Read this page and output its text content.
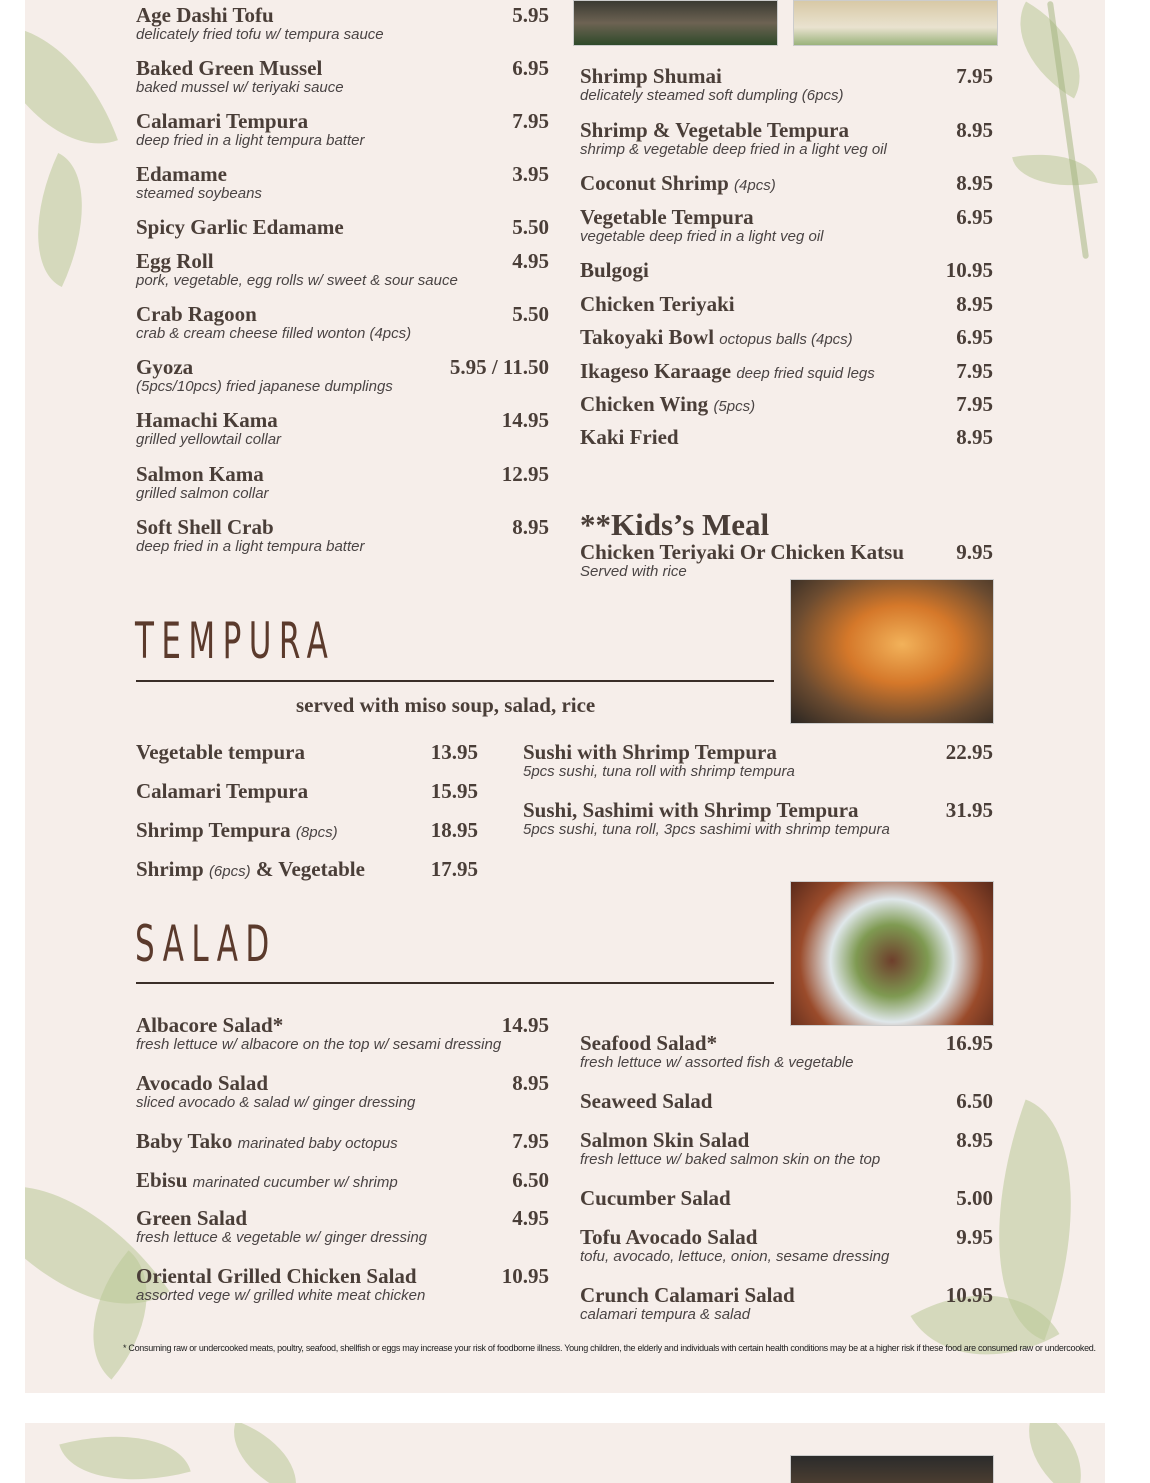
Age Dashi Tofu	5.95
delicately fried tofu w/ tempura sauce
Baked Green Mussel	6.95
baked mussel w/ teriyaki sauce
Calamari Tempura	7.95
deep fried in a light tempura batter
Edamame	3.95
steamed soybeans
Spicy Garlic Edamame	5.50
Egg Roll	4.95
pork, vegetable, egg rolls w/ sweet & sour sauce
Crab Ragoon	5.50
crab & cream cheese filled wonton (4pcs)
Gyoza	5.95 / 11.50
(5pcs/10pcs) fried japanese dumplings
Hamachi Kama	14.95
grilled yellowtail collar
Salmon Kama	12.95
grilled salmon collar
Soft Shell Crab	8.95
deep fried in a light tempura batter
Shrimp Shumai	7.95
delicately steamed soft dumpling (6pcs)
Shrimp & Vegetable Tempura	8.95
shrimp & vegetable deep fried in a light veg oil
Coconut Shrimp (4pcs)	8.95
Vegetable Tempura	6.95
vegetable deep fried in a light veg oil
Bulgogi	10.95
Chicken Teriyaki	8.95
Takoyaki Bowl octopus balls (4pcs)	6.95
Ikageso Karaage deep fried squid legs	7.95
Chicken Wing (5pcs)	7.95
Kaki Fried	8.95
**Kids’s Meal
Chicken Teriyaki Or Chicken Katsu 9.95
Served with rice
TEMPURA
served with miso soup, salad, rice
Vegetable tempura	13.95
Calamari Tempura	15.95
Shrimp Tempura (8pcs)	18.95
Shrimp (6pcs) & Vegetable	17.95
Sushi with Shrimp Tempura	22.95
5pcs sushi, tuna roll with shrimp tempura
Sushi, Sashimi with Shrimp Tempura	31.95
5pcs sushi, tuna roll, 3pcs sashimi with shrimp tempura
SALAD
Albacore Salad*	14.95
fresh lettuce w/ albacore on the top w/ sesami dressing
Avocado Salad	8.95
sliced avocado & salad w/ ginger dressing
Baby Tako marinated baby octopus	7.95
Ebisu marinated cucumber w/ shrimp	6.50
Green Salad	4.95
fresh lettuce & vegetable w/ ginger dressing
Oriental Grilled Chicken Salad	10.95
assorted vege w/ grilled white meat chicken
Seafood Salad*	16.95
fresh lettuce w/ assorted fish & vegetable
Seaweed Salad	6.50
Salmon Skin Salad	8.95
fresh lettuce w/ baked salmon skin on the top
Cucumber Salad	5.00
Tofu Avocado Salad	9.95
tofu, avocado, lettuce, onion, sesame dressing
Crunch Calamari Salad	10.95
calamari tempura & salad
* Consuming raw or undercooked meats, poultry, seafood, shellfish or eggs may increase your risk of foodborne illness. Young children, the elderly and individuals with certain health conditions may be at a higher risk if these food are consumed raw or undercooked.
